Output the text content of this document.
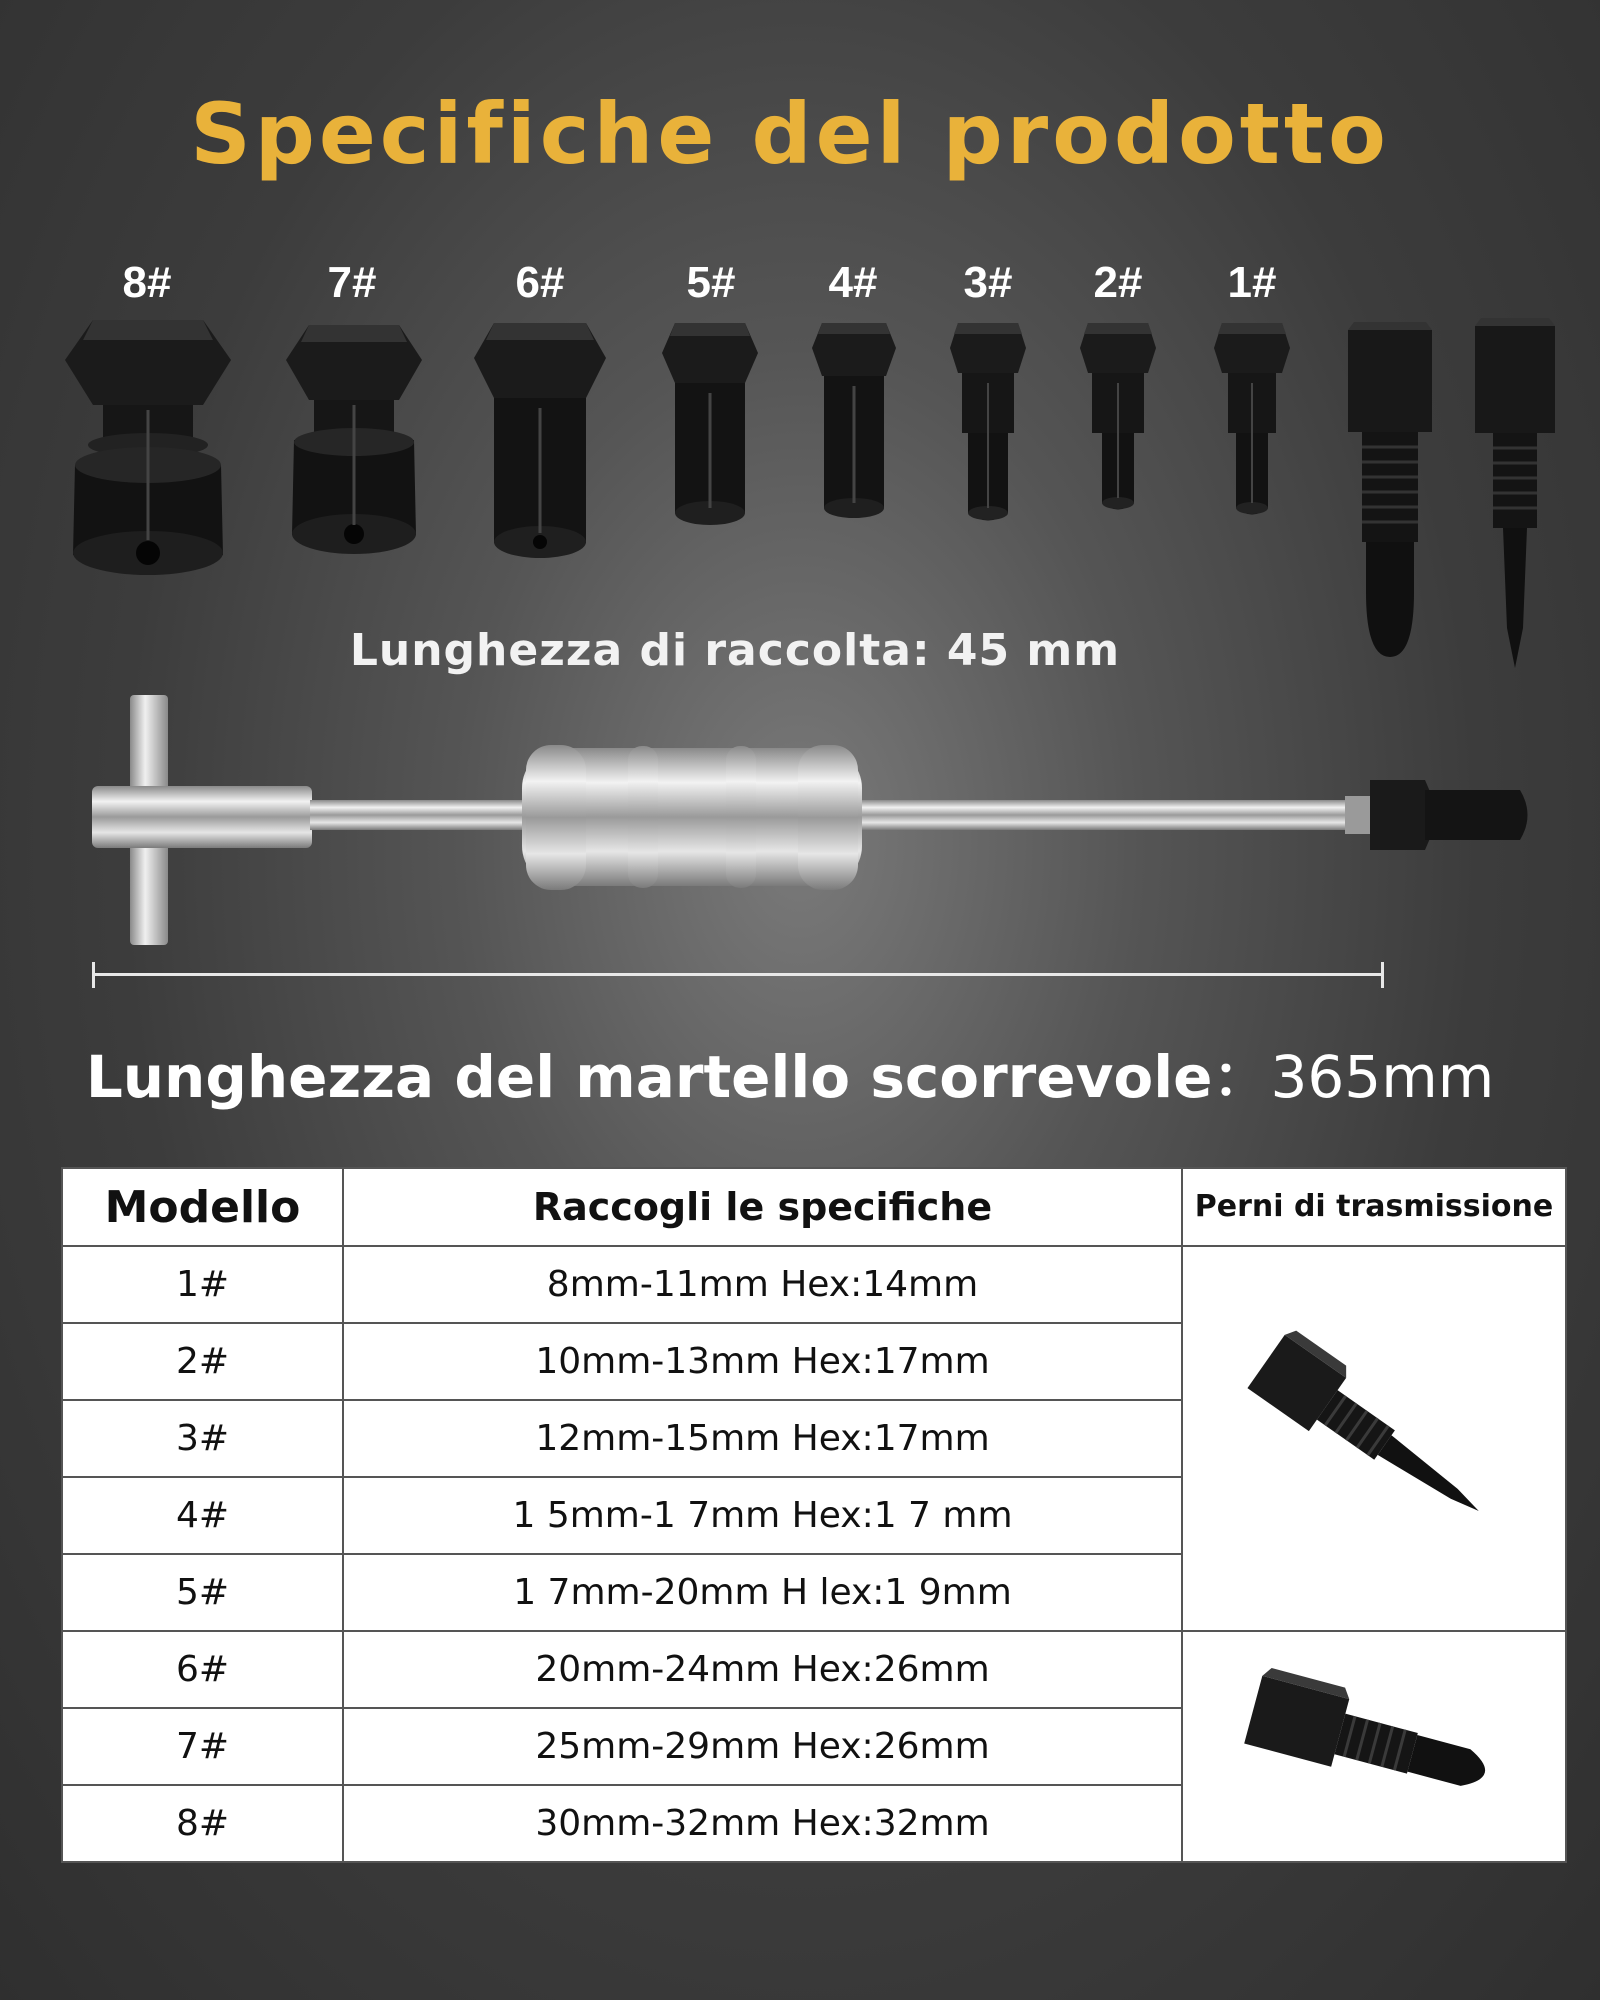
Specifiche del prodotto
8#	7#	6#	5#	4#	3#	2#	1#
Lunghezza di raccolta: 45 mm
Lunghezza del martello scorrevole：365mm
Modello	Raccogli le specifiche	Perni di trasmissione
1#	8mm-11mm Hex:14mm	
2#	10mm-13mm Hex:17mm	
3#	12mm-15mm Hex:17mm	
4#	1 5mm-1 7mm Hex:1 7 mm	
5#	1 7mm-20mm H lex:1 9mm	
6#	20mm-24mm Hex:26mm	
7#	25mm-29mm Hex:26mm	
8#	30mm-32mm Hex:32mm	
